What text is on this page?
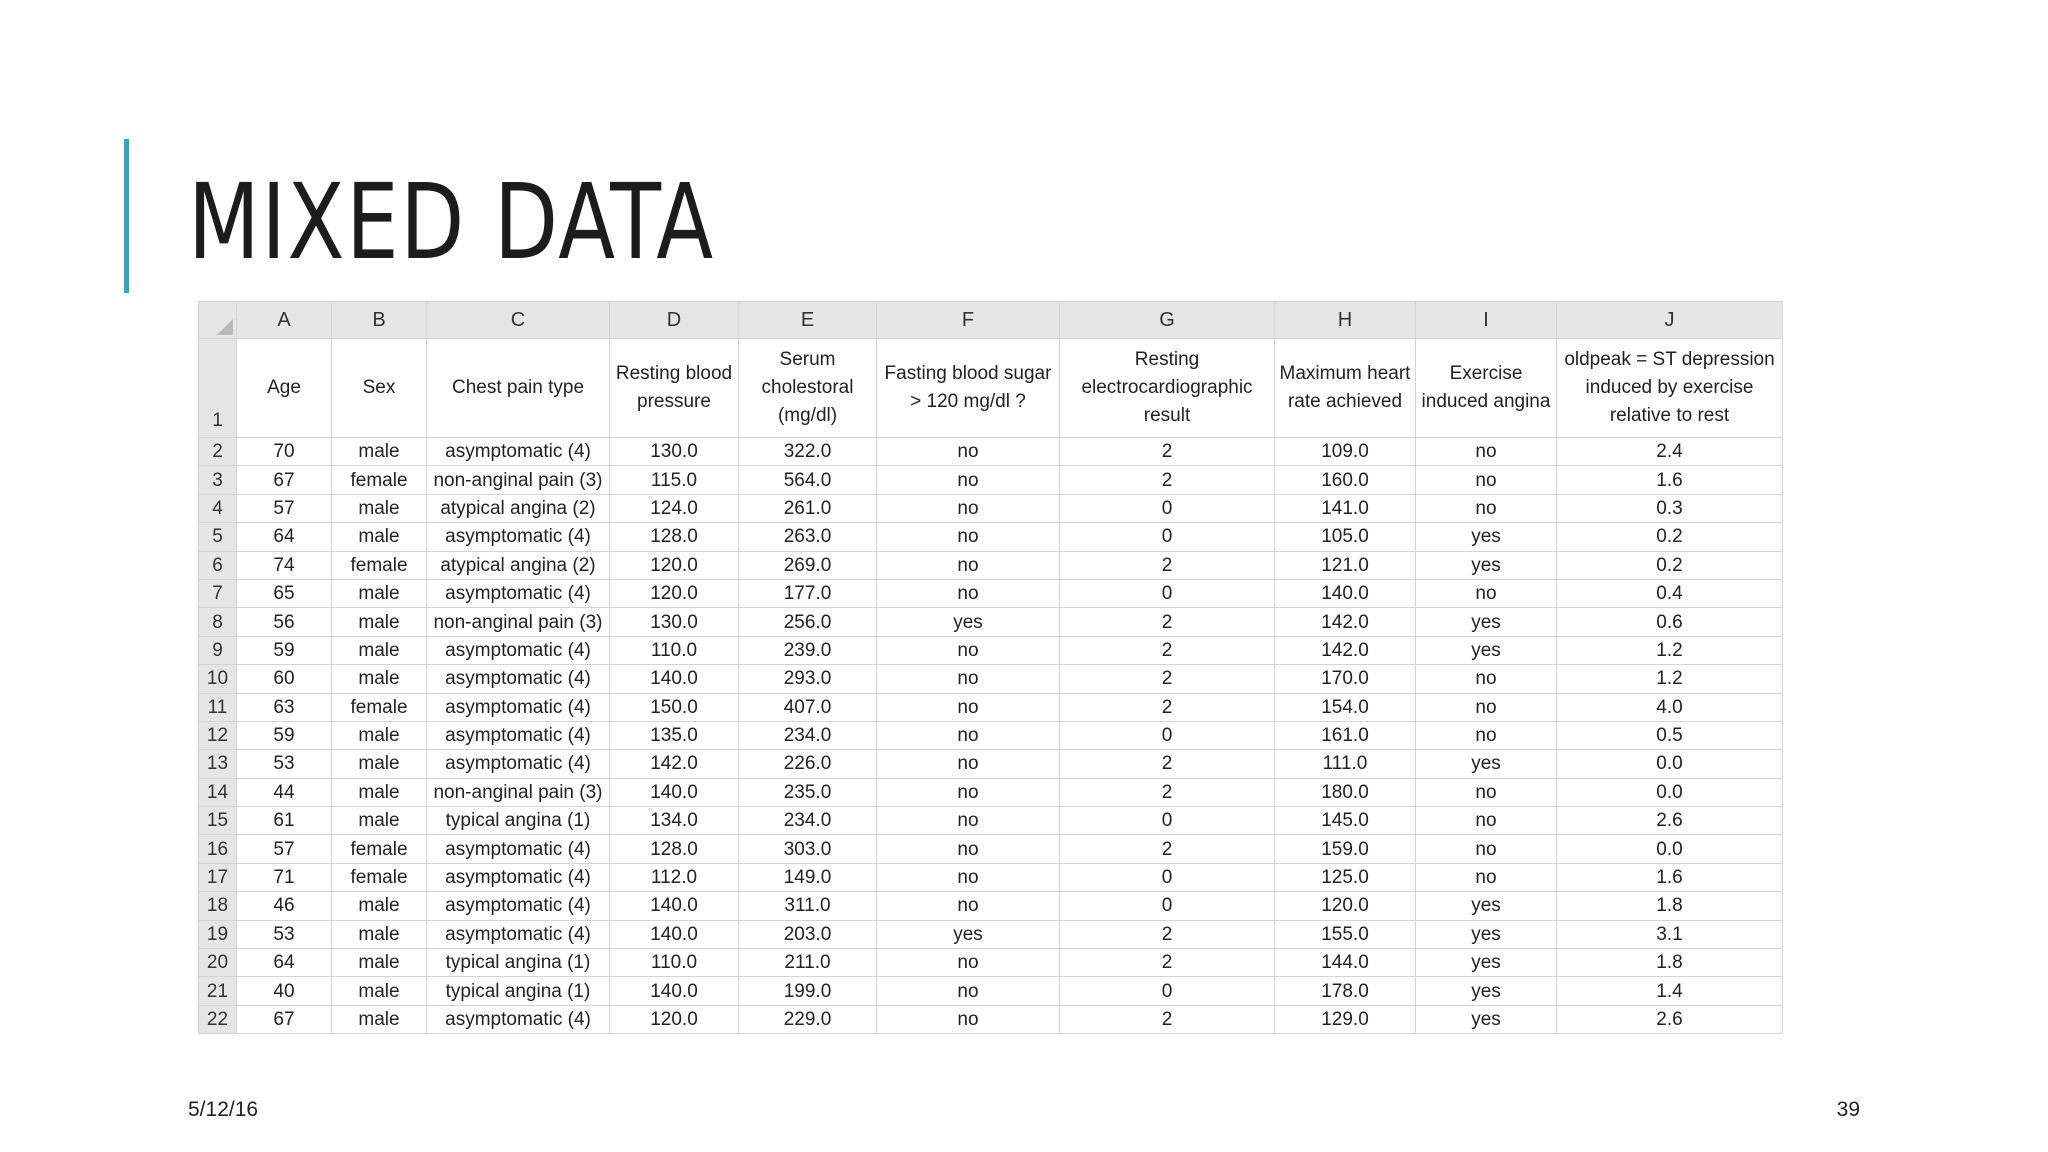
MIXED DATA
	A	B	C	D	E	F	G	H	I	J
1	Age	Sex	Chest pain type	Resting blood pressure	Serum cholestoral (mg/dl)	Fasting blood sugar > 120 mg/dl ?	Resting electrocardiographic result	Maximum heart rate achieved	Exercise induced angina	oldpeak = ST depression induced by exercise relative to rest
2	70	male	asymptomatic (4)	130.0	322.0	no	2	109.0	no	2.4
3	67	female	non-anginal pain (3)	115.0	564.0	no	2	160.0	no	1.6
4	57	male	atypical angina (2)	124.0	261.0	no	0	141.0	no	0.3
5	64	male	asymptomatic (4)	128.0	263.0	no	0	105.0	yes	0.2
6	74	female	atypical angina (2)	120.0	269.0	no	2	121.0	yes	0.2
7	65	male	asymptomatic (4)	120.0	177.0	no	0	140.0	no	0.4
8	56	male	non-anginal pain (3)	130.0	256.0	yes	2	142.0	yes	0.6
9	59	male	asymptomatic (4)	110.0	239.0	no	2	142.0	yes	1.2
10	60	male	asymptomatic (4)	140.0	293.0	no	2	170.0	no	1.2
11	63	female	asymptomatic (4)	150.0	407.0	no	2	154.0	no	4.0
12	59	male	asymptomatic (4)	135.0	234.0	no	0	161.0	no	0.5
13	53	male	asymptomatic (4)	142.0	226.0	no	2	111.0	yes	0.0
14	44	male	non-anginal pain (3)	140.0	235.0	no	2	180.0	no	0.0
15	61	male	typical angina (1)	134.0	234.0	no	0	145.0	no	2.6
16	57	female	asymptomatic (4)	128.0	303.0	no	2	159.0	no	0.0
17	71	female	asymptomatic (4)	112.0	149.0	no	0	125.0	no	1.6
18	46	male	asymptomatic (4)	140.0	311.0	no	0	120.0	yes	1.8
19	53	male	asymptomatic (4)	140.0	203.0	yes	2	155.0	yes	3.1
20	64	male	typical angina (1)	110.0	211.0	no	2	144.0	yes	1.8
21	40	male	typical angina (1)	140.0	199.0	no	0	178.0	yes	1.4
22	67	male	asymptomatic (4)	120.0	229.0	no	2	129.0	yes	2.6
5/12/16	39
